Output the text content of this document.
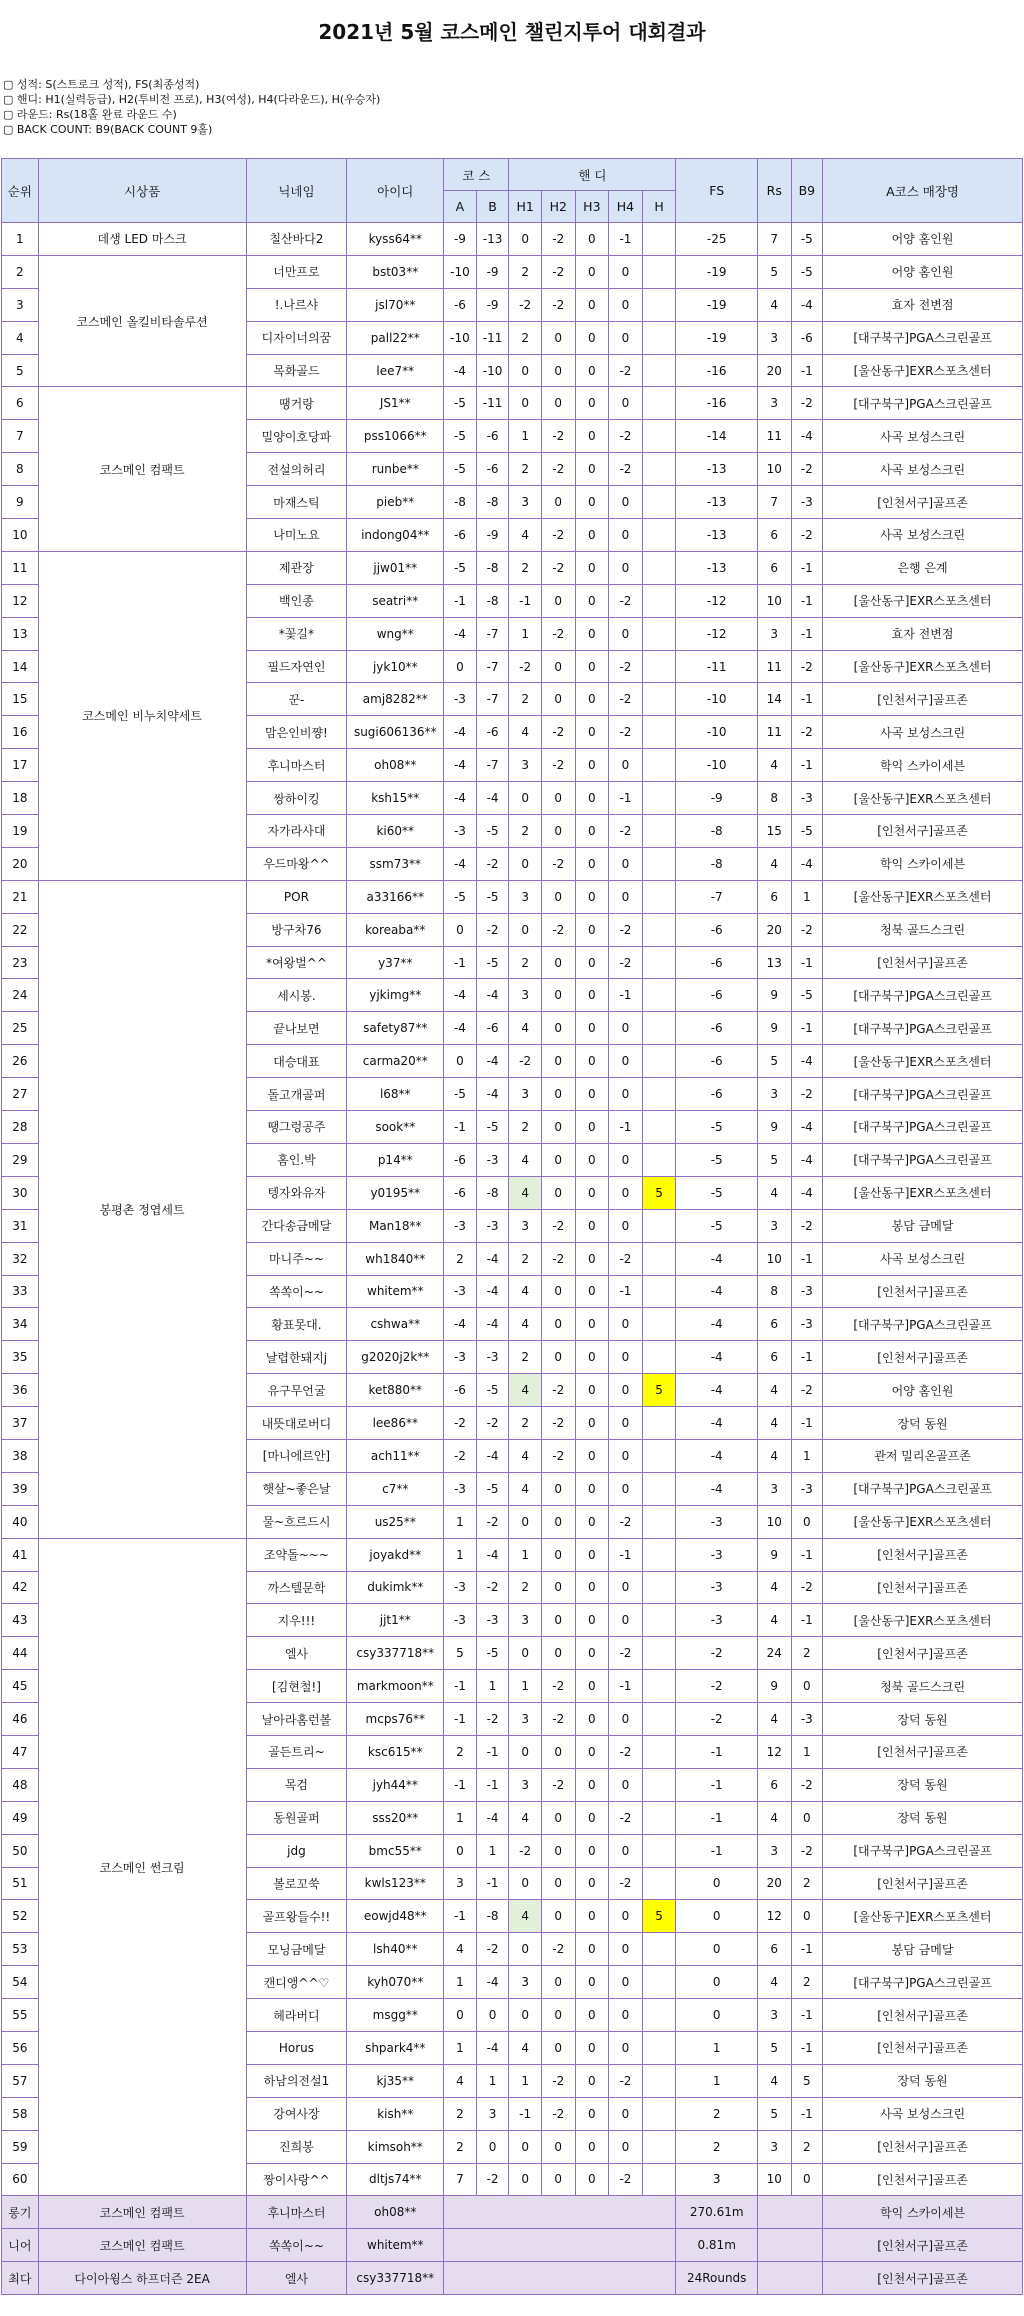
2021년 5월 코스메인 챌린지투어 대회결과
▢ 성적: S(스트로크 성적), FS(최종성적)
▢ 핸디: H1(실력등급), H2(투비전 프로), H3(여성), H4(다라운드), H(우승자)
▢ 라운드: Rs(18홀 완료 라운드 수)
▢ BACK COUNT: B9(BACK COUNT 9홀)
순위	시상품	닉네임	아이디	코 스		핸 디					FS	Rs	B9	A코스 매장명
				A	B	H1	H2	H3	H4	H				
1	데생 LED 마스크	칠산바다2	kyss64**	-9	-13	0	-2	0	-1		-25	7	-5	어양 홈인원
2	코스메인 올킬비타솔루션	너만프로	bst03**	-10	-9	2	-2	0	0		-19	5	-5	어양 홈인원
3		!.나르샤	jsl70**	-6	-9	-2	-2	0	0		-19	4	-4	효자 전변점
4		디자이너의꿈	pall22**	-10	-11	2	0	0	0		-19	3	-6	[대구북구]PGA스크린골프
5		목화골드	lee7**	-4	-10	0	0	0	-2		-16	20	-1	[울산동구]EXR스포츠센터
6	코스메인 컴팩트	땡거랑	JS1**	-5	-11	0	0	0	0		-16	3	-2	[대구북구]PGA스크린골프
7		밀양이호당파	pss1066**	-5	-6	1	-2	0	-2		-14	11	-4	사곡 보성스크린
8		전설의허리	runbe**	-5	-6	2	-2	0	-2		-13	10	-2	사곡 보성스크린
9		마재스틱	pieb**	-8	-8	3	0	0	0		-13	7	-3	[인천서구]골프존
10		나미노요	indong04**	-6	-9	4	-2	0	0		-13	6	-2	사곡 보성스크린
11	코스메인 비누치약세트	제관장	jjw01**	-5	-8	2	-2	0	0		-13	6	-1	은행 은계
12		백인종	seatri**	-1	-8	-1	0	0	-2		-12	10	-1	[울산동구]EXR스포츠센터
13		*꽃길*	wng**	-4	-7	1	-2	0	0		-12	3	-1	효자 전변점
14		필드자연인	jyk10**	0	-7	-2	0	0	-2		-11	11	-2	[울산동구]EXR스포츠센터
15		꾼-	amj8282**	-3	-7	2	0	0	-2		-10	14	-1	[인천서구]골프존
16		맘은인비쨩!	sugi606136**	-4	-6	4	-2	0	-2		-10	11	-2	사곡 보성스크린
17		후니마스터	oh08**	-4	-7	3	-2	0	0		-10	4	-1	학익 스카이세븐
18		쌍하이킹	ksh15**	-4	-4	0	0	0	-1		-9	8	-3	[울산동구]EXR스포츠센터
19		자가라사대	ki60**	-3	-5	2	0	0	-2		-8	15	-5	[인천서구]골프존
20		우드마왕^^	ssm73**	-4	-2	0	-2	0	0		-8	4	-4	학익 스카이세븐
21	봉평촌 정엽세트	POR	a33166**	-5	-5	3	0	0	0		-7	6	1	[울산동구]EXR스포츠센터
22		방구차76	koreaba**	0	-2	0	-2	0	-2		-6	20	-2	청북 골드스크린
23		*여왕벌^^	y37**	-1	-5	2	0	0	-2		-6	13	-1	[인천서구]골프존
24		세시봉.	yjkimg**	-4	-4	3	0	0	-1		-6	9	-5	[대구북구]PGA스크린골프
25		끝나보면	safety87**	-4	-6	4	0	0	0		-6	9	-1	[대구북구]PGA스크린골프
26		대승대표	carma20**	0	-4	-2	0	0	0		-6	5	-4	[울산동구]EXR스포츠센터
27		돌고개골퍼	l68**	-5	-4	3	0	0	0		-6	3	-2	[대구북구]PGA스크린골프
28		땡그렁공주	sook**	-1	-5	2	0	0	-1		-5	9	-4	[대구북구]PGA스크린골프
29		홈인.박	p14**	-6	-3	4	0	0	0		-5	5	-4	[대구북구]PGA스크린골프
30		텡자와유자	y0195**	-6	-8	4	0	0	0	5	-5	4	-4	[울산동구]EXR스포츠센터
31		간다송금메달	Man18**	-3	-3	3	-2	0	0		-5	3	-2	봉담 금메달
32		마니주~~	wh1840**	2	-4	2	-2	0	-2		-4	10	-1	사곡 보성스크린
33		쏙쏙이~~	whitem**	-3	-4	4	0	0	-1		-4	8	-3	[인천서구]골프존
34		황표못대.	cshwa**	-4	-4	4	0	0	0		-4	6	-3	[대구북구]PGA스크린골프
35		날렵한돼지j	g2020j2k**	-3	-3	2	0	0	0		-4	6	-1	[인천서구]골프존
36		유구무언굴	ket880**	-6	-5	4	-2	0	0	5	-4	4	-2	어양 홈인원
37		내뜻대로버디	lee86**	-2	-2	2	-2	0	0		-4	4	-1	장덕 동원
38		[마니에르안]	ach11**	-2	-4	4	-2	0	0		-4	4	1	관저 밀리온골프존
39		햇살~좋은날	c7**	-3	-5	4	0	0	0		-4	3	-3	[대구북구]PGA스크린골프
40		물~흐르드시	us25**	1	-2	0	0	0	-2		-3	10	0	[울산동구]EXR스포츠센터
41	코스메인 썬크림	조약돌~~~	joyakd**	1	-4	1	0	0	-1		-3	9	-1	[인천서구]골프존
42		까스텔문학	dukimk**	-3	-2	2	0	0	0		-3	4	-2	[인천서구]골프존
43		지우!!!	jjt1**	-3	-3	3	0	0	0		-3	4	-1	[울산동구]EXR스포츠센터
44		엘사	csy337718**	5	-5	0	0	0	-2		-2	24	2	[인천서구]골프존
45		[김현철!]	markmoon**	-1	1	1	-2	0	-1		-2	9	0	청북 골드스크린
46		날아라홈런볼	mcps76**	-1	-2	3	-2	0	0		-2	4	-3	장덕 동원
47		골든트리~	ksc615**	2	-1	0	0	0	-2		-1	12	1	[인천서구]골프존
48		목검	jyh44**	-1	-1	3	-2	0	0		-1	6	-2	장덕 동원
49		동원골퍼	sss20**	1	-4	4	0	0	-2		-1	4	0	장덕 동원
50		jdg	bmc55**	0	1	-2	0	0	0		-1	3	-2	[대구북구]PGA스크린골프
51		볼로꼬쑥	kwls123**	3	-1	0	0	0	-2		0	20	2	[인천서구]골프존
52		골프왕들수!!	eowjd48**	-1	-8	4	0	0	0	5	0	12	0	[울산동구]EXR스포츠센터
53		모닝금메달	lsh40**	4	-2	0	-2	0	0		0	6	-1	봉담 금메달
54		캔디앵^^♡	kyh070**	1	-4	3	0	0	0		0	4	2	[대구북구]PGA스크린골프
55		헤라버디	msgg**	0	0	0	0	0	0		0	3	-1	[인천서구]골프존
56		Horus	shpark4**	1	-4	4	0	0	0		1	5	-1	[인천서구]골프존
57		하남의전설1	kj35**	4	1	1	-2	0	-2		1	4	5	장덕 동원
58		강여사장	kish**	2	3	-1	-2	0	0		2	5	-1	사곡 보성스크린
59		진희봉	kimsoh**	2	0	0	0	0	0		2	3	2	[인천서구]골프존
60		짱이사랑^^	dltjs74**	7	-2	0	0	0	-2		3	10	0	[인천서구]골프존
롱기	코스메인 컴팩트	후니마스터	oh08**								270.61m			학익 스카이세븐
니어	코스메인 컴팩트	쏙쏙이~~	whitem**								0.81m			[인천서구]골프존
최다	다이아윙스 하프더즌 2EA	엘사	csy337718**								24Rounds			[인천서구]골프존
